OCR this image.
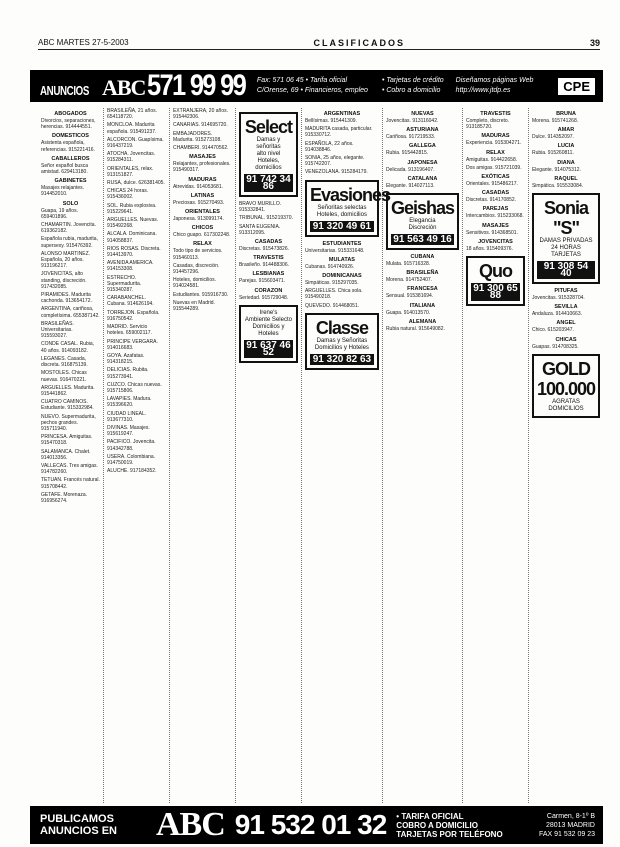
ABC MARTES 27-5-2003	CLASIFICADOS	39
ANUNCIOS ABC 571 99 99 Fax: 571 06 45 • Tarifa oficial
C/Orense, 69 • Financieros, empleo
• Tarjetas de crédito
• Cobro a domicilio
Diseñamos páginas Web
http://www.jtdp.es	CPE
ABOGADOS
Divorcios, separaciones, herencias. 914444551.
DOMESTICOS
Asistenta española, referencias. 915221416.
CABALLEROS
Señor español busca amistad. 629413180.
GABINETES
Masajes relajantes. 914452010.
SOLO
Guapa, 19 años. 659401896.
CHAMARTIN. Jovencita. 619362182.
Española rubia, madurita, supersexy. 915476392.
ALONSO MARTINEZ. Española, 20 años. 913196217.
JOVENCITAS, alto standing, discreción. 917432085.
PIRAMIDES. Madurita cachonda. 913654172.
ARGENTINA, cariñosa, completísima. 655387142.
BRASILEÑAS. Universitarias. 915593027.
CONDE CASAL. Rubia, 40 años. 914093182.
LEGANES. Casada, discreta. 916875139.
MOSTOLES. Chicas nuevas. 916470221.
ARGUELLES. Madurita. 915441862.
CUATRO CAMINOS. Estudiante. 915332984.
NUEVO. Supermadurita, pechos grandes. 915711940.
PRINCESA. Amiguitas. 915470318.
SALAMANCA. Chalet. 914013356.
VALLECAS. Tres amigas. 914782260.
TETUAN. Francés natural. 915708442.
GETAFE. Morenaza. 916956274.
BRASILEÑA, 21 años. 654118720.
MONCLOA. Madurita española. 915491237.
ALCORCON. Guapísima. 916437219.
ATOCHA. Jovencitas. 915284311.
ORIENTALES, relax. 913151827.
RUSA, dulce. 626381405.
CHICAS 24 horas. 915436002.
SOL. Rubia explosiva. 915229641.
ARGUELLES. Nuevas. 915492268.
ALCALA. Dominicana. 914058837.
RIOS ROSAS. Discreta. 914413970.
AVENIDA AMERICA. 914153308.
ESTRECHO. Supermadurita. 915340287.
CARABANCHEL. Cubana. 914626194.
TORREJON. Española. 916750542.
MADRID. Servicio hoteles. 659002117.
PRINCIPE VERGARA. 914016683.
GOYA. Azafatas. 914318215.
DELICIAS. Rubita. 915273941.
CUZCO. Chicas nuevas. 915715806.
LAVAPIES. Madura. 915396620.
CIUDAD LINEAL. 913677310.
DIVINAS. Masajes. 915619247.
PACIFICO. Jovencita. 914342788.
USERA. Colombiana. 914750019.
ALUCHE. 917184352.
EXTRANJERA, 20 años. 915442306.
CANARIAS. 914695720.
EMBAJADORES. Madurita. 915273108.
CHAMBERI. 914470562.
MASAJES
Relajantes, profesionales. 915490317.
MADURAS
Atrevidas. 914053681.
LATINAS
Preciosas. 915270493.
ORIENTALES
Japonesa. 913099174.
CHICOS
Chico guapo. 617302248.
RELAX
Todo tipo de servicios. 915460113.
Casadas, discreción. 914457296.
Hoteles, domicilios. 914024581.
Estudiantes. 915916730.
Nuevas en Madrid. 915544289.
Select
Damas y señoritas
alto nivel
Hoteles, domicilios
91 742 34 86
BRAVO MURILLO. 915332841.
TRIBUNAL. 915219370.
SANTA EUGENIA. 913312095.
CASADAS
Discretas. 915473826.
TRAVESTIS
Brasileño. 914488306.
LESBIANAS
Parejas. 915603471.
CORAZON
Seriedad. 915729048.
Irene's
Ambiente Selecto
Domicilios y Hoteles
91 637 46 52
ARGENTINAS
Bellísimas. 915441309.
MADURITA casada, particular. 915330712.
ESPAÑOLA, 22 años. 914038846.
SONIA, 25 años, elegante. 915742207.
VENEZOLANA. 915284179.
Evasiones
Señoritas selectas
Hoteles, domicilios
91 320 49 61
ESTUDIANTES
Universitarias. 915331648.
MULATAS
Cubanas. 914740926.
DOMINICANAS
Simpáticas. 915297035.
ARGUELLES. Chica sola. 915490218.
QUEVEDO. 914468051.
Classe
Damas y Señoritas
Domicilios y Hoteles
91 320 82 63
NUEVAS
Jovencitas. 913116042.
ASTURIANA
Cariñosa. 917219533.
GALLEGA
Rubia. 915442815.
JAPONESA
Delicada. 913196407.
CATALANA
Elegante. 914027113.
Geishas
Elegancia
Discreción
91 563 49 16
CUBANA
Mulata. 915716328.
BRASILEÑA
Morena. 914752407.
FRANCESA
Sensual. 915381694.
ITALIANA
Guapa. 914013570.
ALEMANA
Rubia natural. 915649082.
TRAVESTIS
Completo, discreto. 913185720.
MADURAS
Experiencia. 915304271.
RELAX
Amiguitas. 914422658.
Dos amigas. 915721039.
EXÓTICAS
Orientales. 915486217.
CASADAS
Discretas. 914170852.
PAREJAS
Intercambios. 915233068.
MASAJES
Sensitivos. 914368501.
JOVENCITAS
18 años. 915409376.
Quo
91 300 65 88
BRUNA
Morena. 915741268.
AMAR
Dulce. 914352097.
LUCIA
Rubia. 915260811.
DIANA
Elegante. 914075312.
RAQUEL
Simpática. 915533084.
Sonia "S"
DAMAS PRIVADAS
24 HORAS TARJETAS
91 308 54 40
PITUFAS
Jovencitas. 915328704.
SEVILLA
Andaluza. 914410663.
ANGEL
Chico. 615203947.
CHICAS
Guapas. 914708325.
GOLD 100.000
AGRATAS
DOMICILIOS
PUBLICAMOS
ANUNCIOS EN	ABC 91 532 01 32 • TARIFA OFICIAL
COBRO A DOMICILIO
TARJETAS POR TELÉFONO
Carmen, 8-1º B
28013 MADRID
FAX 91 532 09 23
